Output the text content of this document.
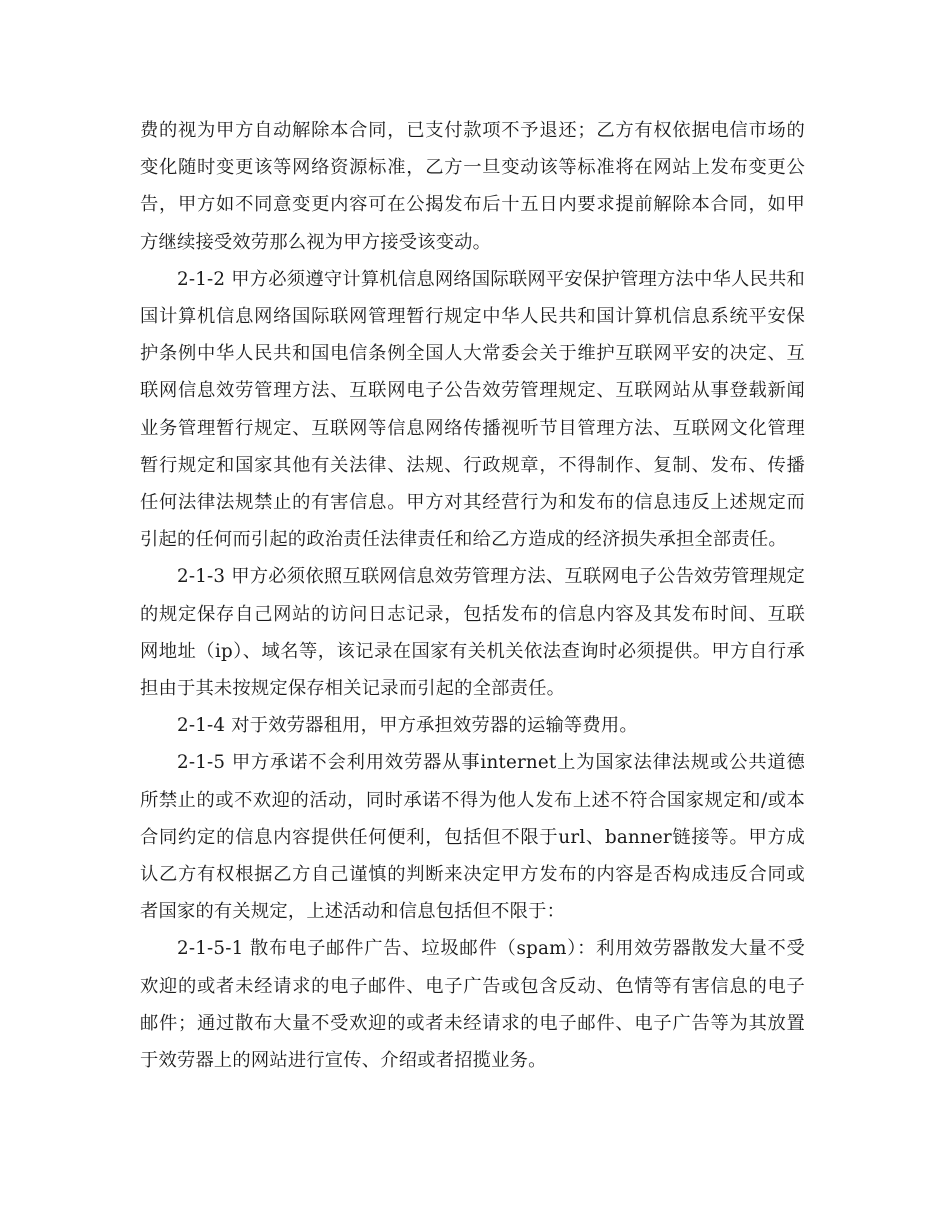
费的视为甲方自动解除本合同，已支付款项不予退还；乙方有权依据电信市场的变化随时变更该等网络资源标准，乙方一旦变动该等标准将在网站上发布变更公告，甲方如不同意变更内容可在公揭发布后十五日内要求提前解除本合同，如甲方继续接受效劳那么视为甲方接受该变动。

2-1-2 甲方必须遵守计算机信息网络国际联网平安保护管理方法中华人民共和国计算机信息网络国际联网管理暂行规定中华人民共和国计算机信息系统平安保护条例中华人民共和国电信条例全国人大常委会关于维护互联网平安的决定、互联网信息效劳管理方法、互联网电子公告效劳管理规定、互联网站从事登载新闻业务管理暂行规定、互联网等信息网络传播视听节目管理方法、互联网文化管理暂行规定和国家其他有关法律、法规、行政规章，不得制作、复制、发布、传播任何法律法规禁止的有害信息。甲方对其经营行为和发布的信息违反上述规定而引起的任何而引起的政治责任法律责任和给乙方造成的经济损失承担全部责任。

2-1-3 甲方必须依照互联网信息效劳管理方法、互联网电子公告效劳管理规定的规定保存自己网站的访问日志记录，包括发布的信息内容及其发布时间、互联网地址（ip）、域名等，该记录在国家有关机关依法查询时必须提供。甲方自行承担由于其未按规定保存相关记录而引起的全部责任。

2-1-4 对于效劳器租用，甲方承担效劳器的运输等费用。

2-1-5 甲方承诺不会利用效劳器从事internet上为国家法律法规或公共道德所禁止的或不欢迎的活动，同时承诺不得为他人发布上述不符合国家规定和/或本合同约定的信息内容提供任何便利，包括但不限于url、banner链接等。甲方成认乙方有权根据乙方自己谨慎的判断来决定甲方发布的内容是否构成违反合同或者国家的有关规定，上述活动和信息包括但不限于：

2-1-5-1 散布电子邮件广告、垃圾邮件（spam）：利用效劳器散发大量不受欢迎的或者未经请求的电子邮件、电子广告或包含反动、色情等有害信息的电子邮件；通过散布大量不受欢迎的或者未经请求的电子邮件、电子广告等为其放置于效劳器上的网站进行宣传、介绍或者招揽业务。
